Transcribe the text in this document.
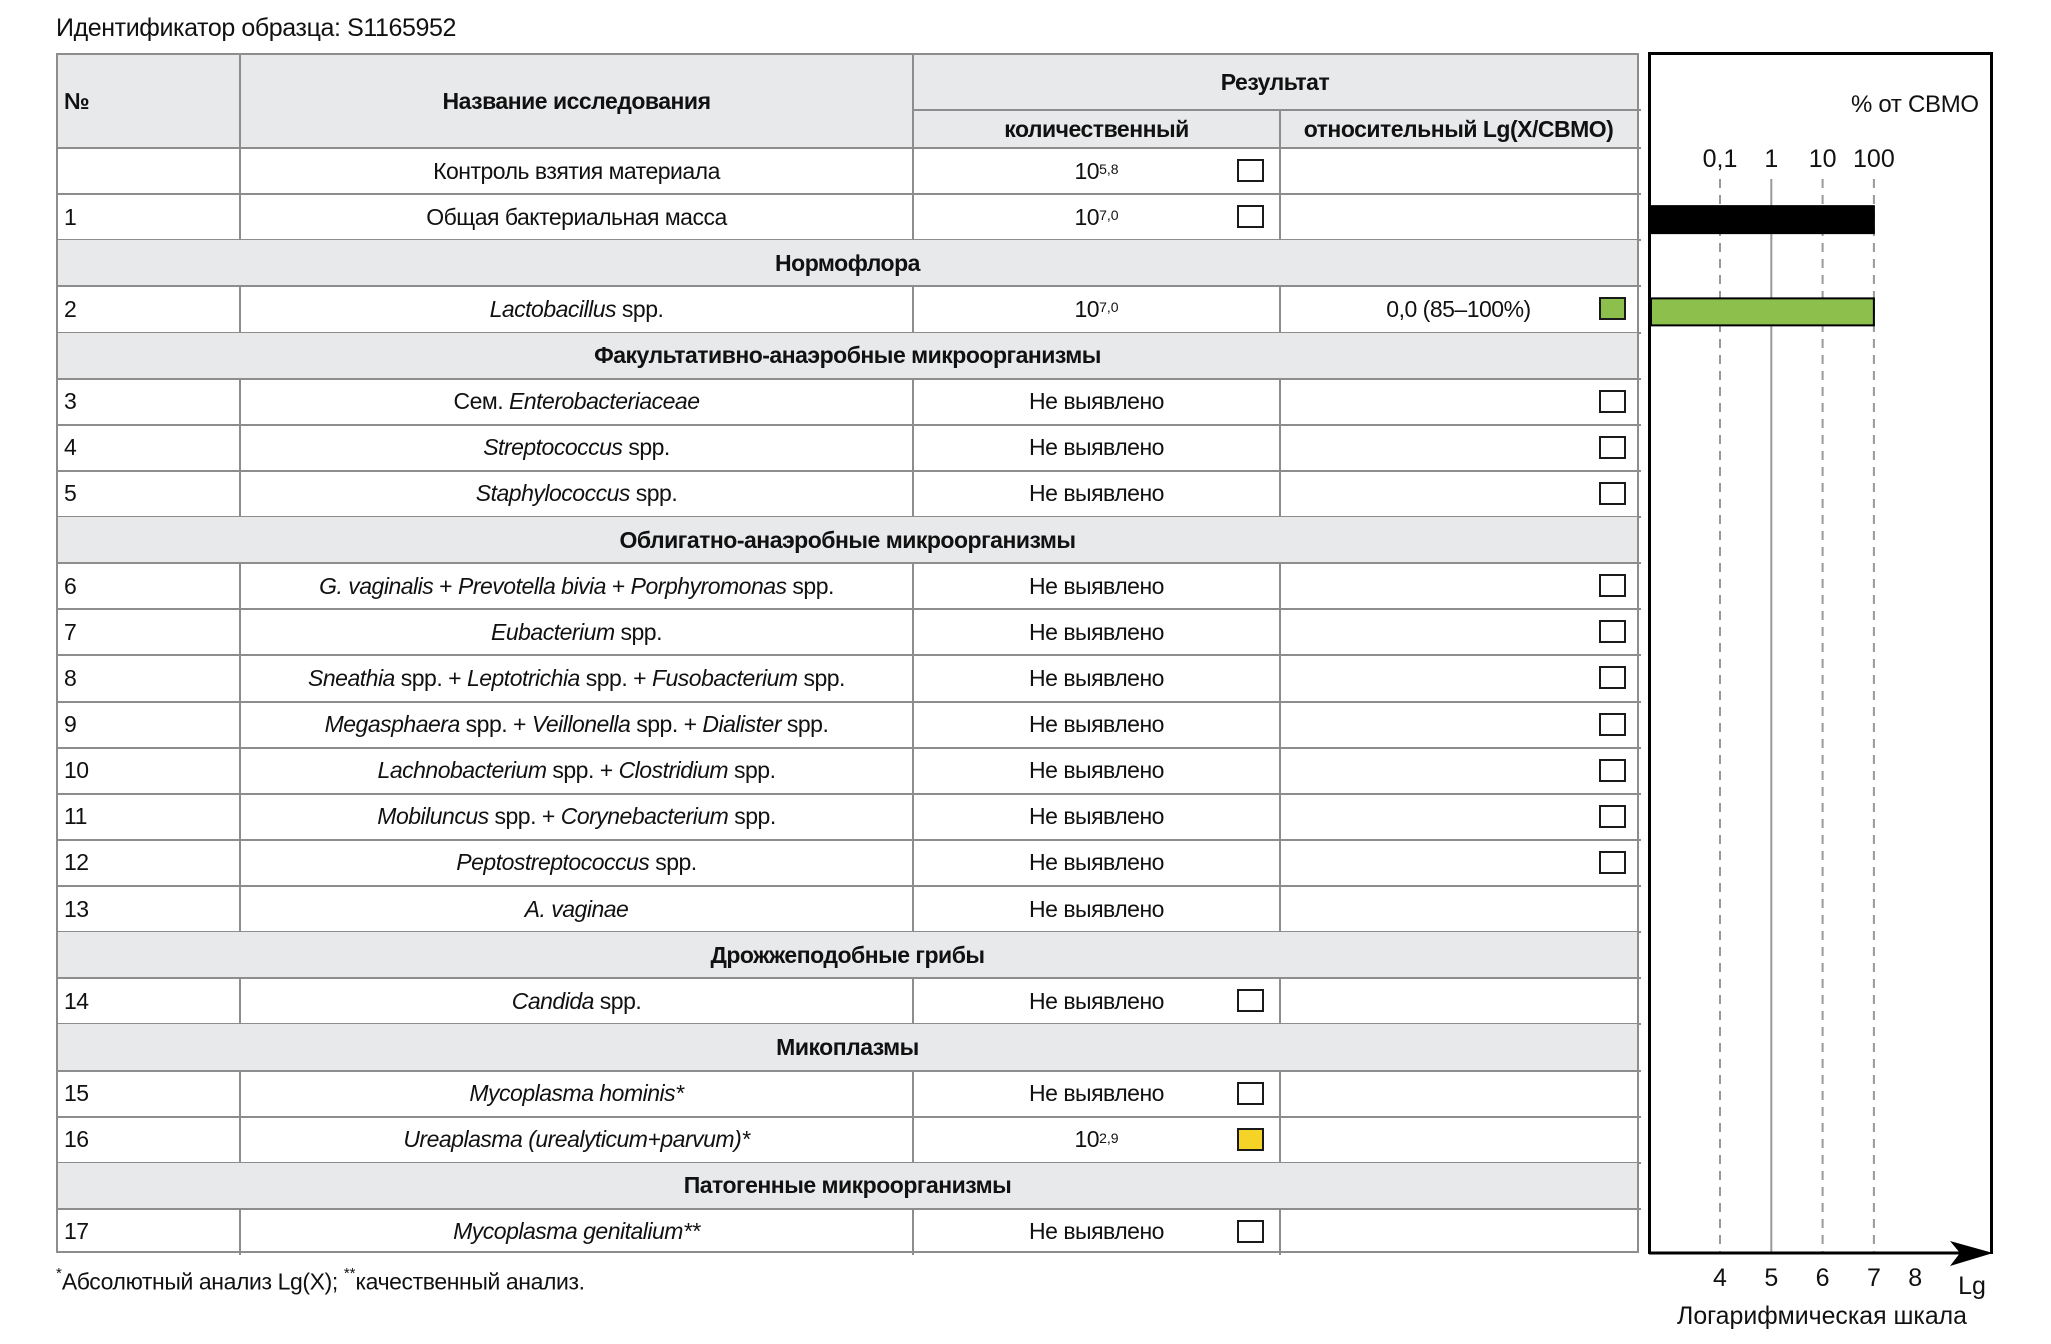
Идентификатор образца: S1165952
№	Название исследования
Результат
количественный	относительный Lg(X/СВМО)
Контроль взятия материала	10$^{5,8}$
1	Общая бактериальная масса	10$^{7,0}$
Нормофлора
2	Lactobacillus spp.	10$^{7,0}$	0,0 (85–100%)
Факультативно-анаэробные микроорганизмы
3	Сем. Enterobacteriaceae	Не выявлено
4	Streptococcus spp.	Не выявлено
5	Staphylococcus spp.	Не выявлено
Облигатно-анаэробные микроорганизмы
6	G. vaginalis + Prevotella bivia + Porphyromonas spp.	Не выявлено
7	Eubacterium spp.	Не выявлено
8	Sneathia spp. + Leptotrichia spp. + Fusobacterium spp.	Не выявлено
9	Megasphaera spp. + Veillonella spp. + Dialister spp.	Не выявлено
10	Lachnobacterium spp. + Clostridium spp.	Не выявлено
11	Mobiluncus spp. + Corynebacterium spp.	Не выявлено
12	Peptostreptococcus spp.	Не выявлено
13	A. vaginae	Не выявлено
Дрожжеподобные грибы
14	Candida spp.	Не выявлено
Микоплазмы
15	Mycoplasma hominis*	Не выявлено
16	Ureaplasma (urealyticum+parvum)*	10$^{2,9}$
Патогенные микроорганизмы
17	Mycoplasma genitalium**	Не выявлено
% от СВМО
0,1 1 10 100
4 5 6 7 8 Lg
Логарифмическая шкала
*Абсолютный анализ Lg(X); **качественный анализ.
